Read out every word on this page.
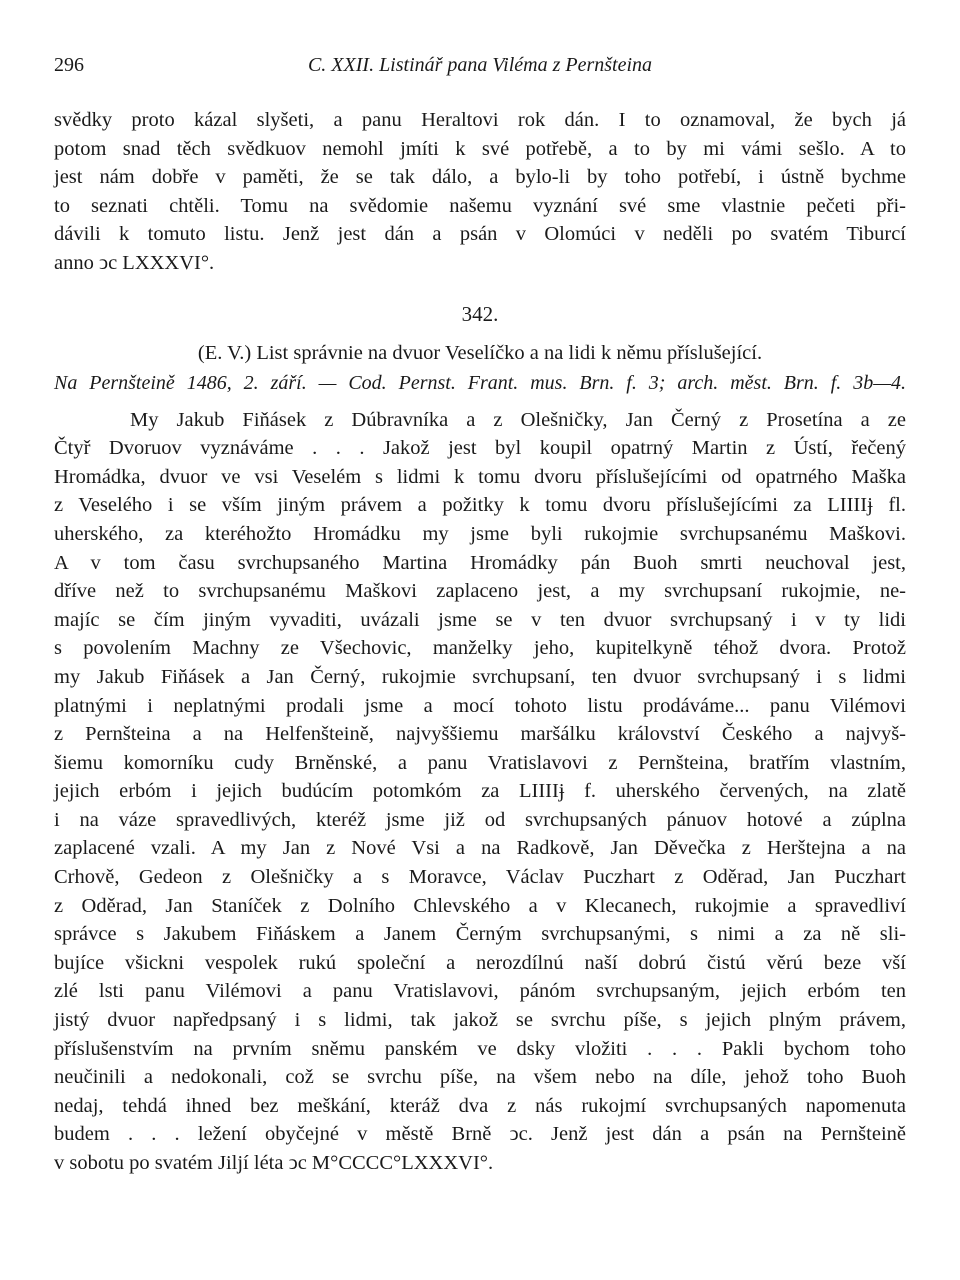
296	C. XXII. Listinář pana Viléma z Pernšteina

svědky proto kázal slyšeti, a panu Heraltovi rok dán. I to oznamoval, že bych já

potom snad těch svědkuov nemohl jmíti k své potřebě, a to by mi vámi sešlo. A to

jest nám dobře v paměti, že se tak dálo, a bylo-li by toho potřebí, i ústně bychme

to seznati chtěli. Tomu na svědomie našemu vyznání své sme vlastnie pečeti při-

dávili k tomuto listu. Jenž jest dán a psán v Olomúci v neděli po svatém Tiburcí

anno ↄc LXXXVI°.

342.
(E. V.) List správnie na dvuor Veselíčko a na lidi k němu příslušející.
Na Pernšteině 1486, 2. září. — Cod. Pernst. Frant. mus. Brn. f. 3; arch. měst. Brn. f. 3b—4.

My Jakub Fiňásek z Dúbravníka a z Olešničky, Jan Černý z Prosetína a ze

Čtyř Dvoruov vyznáváme . . . Jakož jest byl koupil opatrný Martin z Ústí, řečený

Hromádka, dvuor ve vsi Veselém s lidmi k tomu dvoru příslušejícími od opatrného Maška

z Veselého i se vším jiným právem a požitky k tomu dvoru příslušejícími za LIIIIɉ fl.

uherského, za kteréhožto Hromádku my jsme byli rukojmie svrchupsanému Maškovi.

A v tom času svrchupsaného Martina Hromádky pán Buoh smrti neuchoval jest,

dříve než to svrchupsanému Maškovi zaplaceno jest, a my svrchupsaní rukojmie, ne-

majíc se čím jiným vyvaditi, uvázali jsme se v ten dvuor svrchupsaný i v ty lidi

s povolením Machny ze Všechovic, manželky jeho, kupitelkyně téhož dvora. Protož

my Jakub Fiňásek a Jan Černý, rukojmie svrchupsaní, ten dvuor svrchupsaný i s lidmi

platnými i neplatnými prodali jsme a mocí tohoto listu prodáváme... panu Vilémovi

z Pernšteina a na Helfenšteině, najvyššiemu maršálku království Českého a najvyš-

šiemu komorníku cudy Brněnské, a panu Vratislavovi z Pernšteina, bratřím vlastním,

jejich erbóm i jejich budúcím potomkóm za LIIIIɉ f. uherského červených, na zlatě

i na váze spravedlivých, kteréž jsme již od svrchupsaných pánuov hotové a zúplna

zaplacené vzali. A my Jan z Nové Vsi a na Radkově, Jan Děvečka z Herštejna a na

Crhově, Gedeon z Olešničky a s Moravce, Václav Puczhart z Oděrad, Jan Puczhart

z Oděrad, Jan Staníček z Dolního Chlevského a v Klecanech, rukojmie a spravedliví

správce s Jakubem Fiňáskem a Janem Černým svrchupsanými, s nimi a za ně sli-

bujíce všickni vespolek rukú společní a nerozdílnú naší dobrú čistú věrú beze vší

zlé lsti panu Vilémovi a panu Vratislavovi, pánóm svrchupsaným, jejich erbóm ten

jistý dvuor napředpsaný i s lidmi, tak jakož se svrchu píše, s jejich plným právem,

příslušenstvím na prvním sněmu panském ve dsky vložiti . . . Pakli bychom toho

neučinili a nedokonali, což se svrchu píše, na všem nebo na díle, jehož toho Buoh

nedaj, tehdá ihned bez meškání, kteráž dva z nás rukojmí svrchupsaných napomenuta

budem . . . ležení obyčejné v městě Brně ↄc. Jenž jest dán a psán na Pernšteině

v sobotu po svatém Jiljí léta ↄc M°CCCC°LXXXVI°.
